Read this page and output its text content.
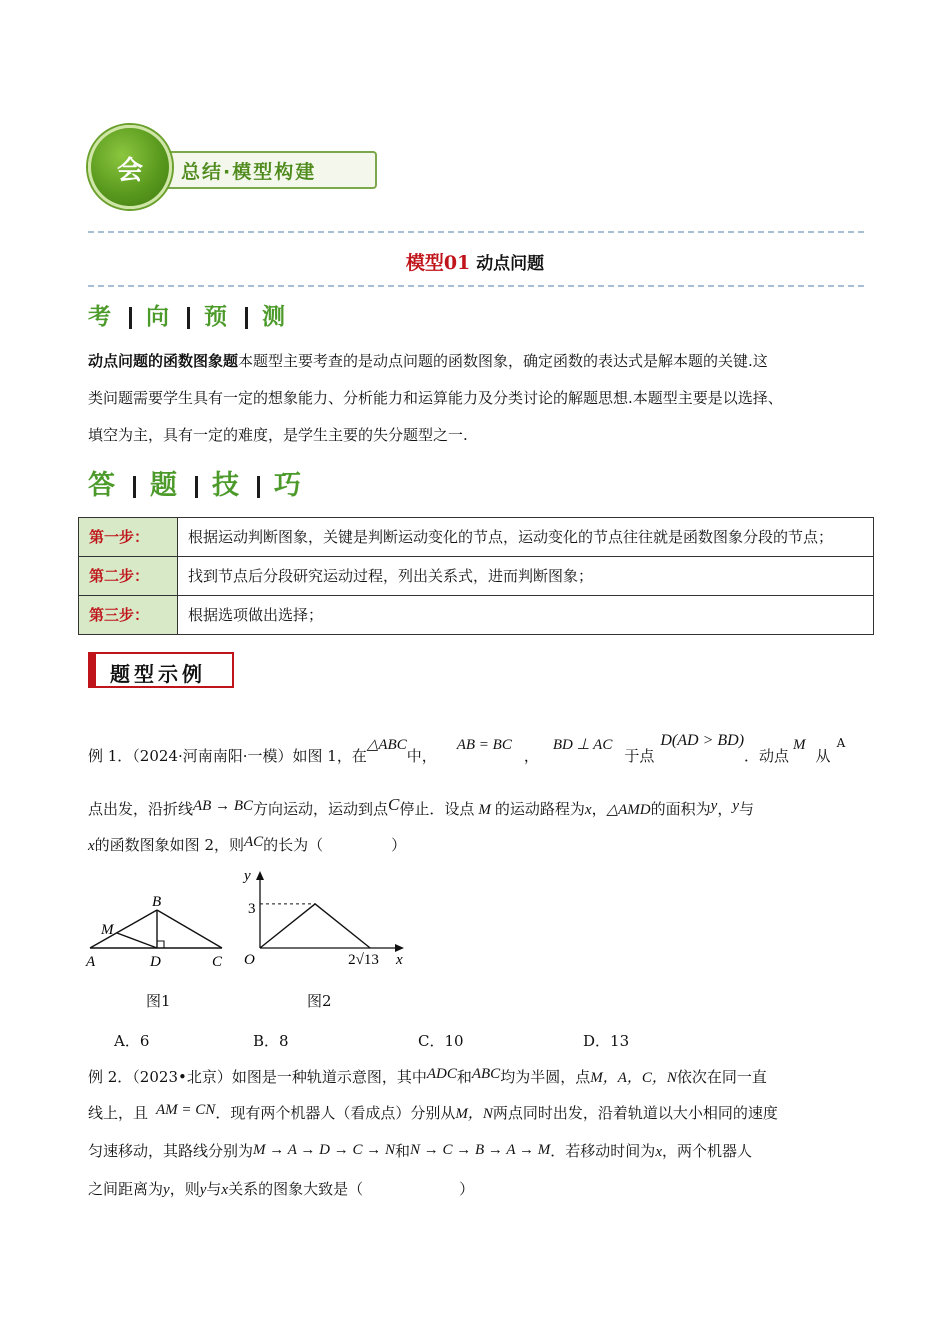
总结·模型构建
会
模型01 动点问题
考 向 预 测
动点问题的函数图象题本题型主要考查的是动点问题的函数图象，确定函数的表达式是解本题的关键.这
类问题需要学生具有一定的想象能力、分析能力和运算能力及分类讨论的解题思想.本题型主要是以选择、
填空为主，具有一定的难度，是学生主要的失分题型之一.
答 题 技 巧
第一步：	根据运动判断图象，关键是判断运动变化的节点，运动变化的节点往往就是函数图象分段的节点；
第二步：	找到节点后分段研究运动过程，列出关系式，进而判断图象；
第三步：	根据选项做出选择；
题型示例
例 1．（2024·河南南阳·一模）如图 1，在△ABC中，AB = BC，BD ⊥ AC于点D(AD > BD)．动点M从$^A$
点出发，沿折线AB → BC方向运动，运动到点C停止．设点 M 的运动路程为x，△AMD的面积为y，y与
x的函数图象如图 2，则AC的长为（	）
A
B
C
D
M
图1
y
x
O
3
2√13
图2
A．6	B．8	C．10	D．13
例 2．（2023•北京）如图是一种轨道示意图，其中ADC和ABC均为半圆，点M，A，C，N依次在同一直
线上，且 AM = CN．现有两个机器人（看成点）分别从M，N两点同时出发，沿着轨道以大小相同的速度
匀速移动，其路线分别为M → A → D → C → N和N → C → B → A → M．若移动时间为x，两个机器人
之间距离为y，则y与x关系的图象大致是（	）
